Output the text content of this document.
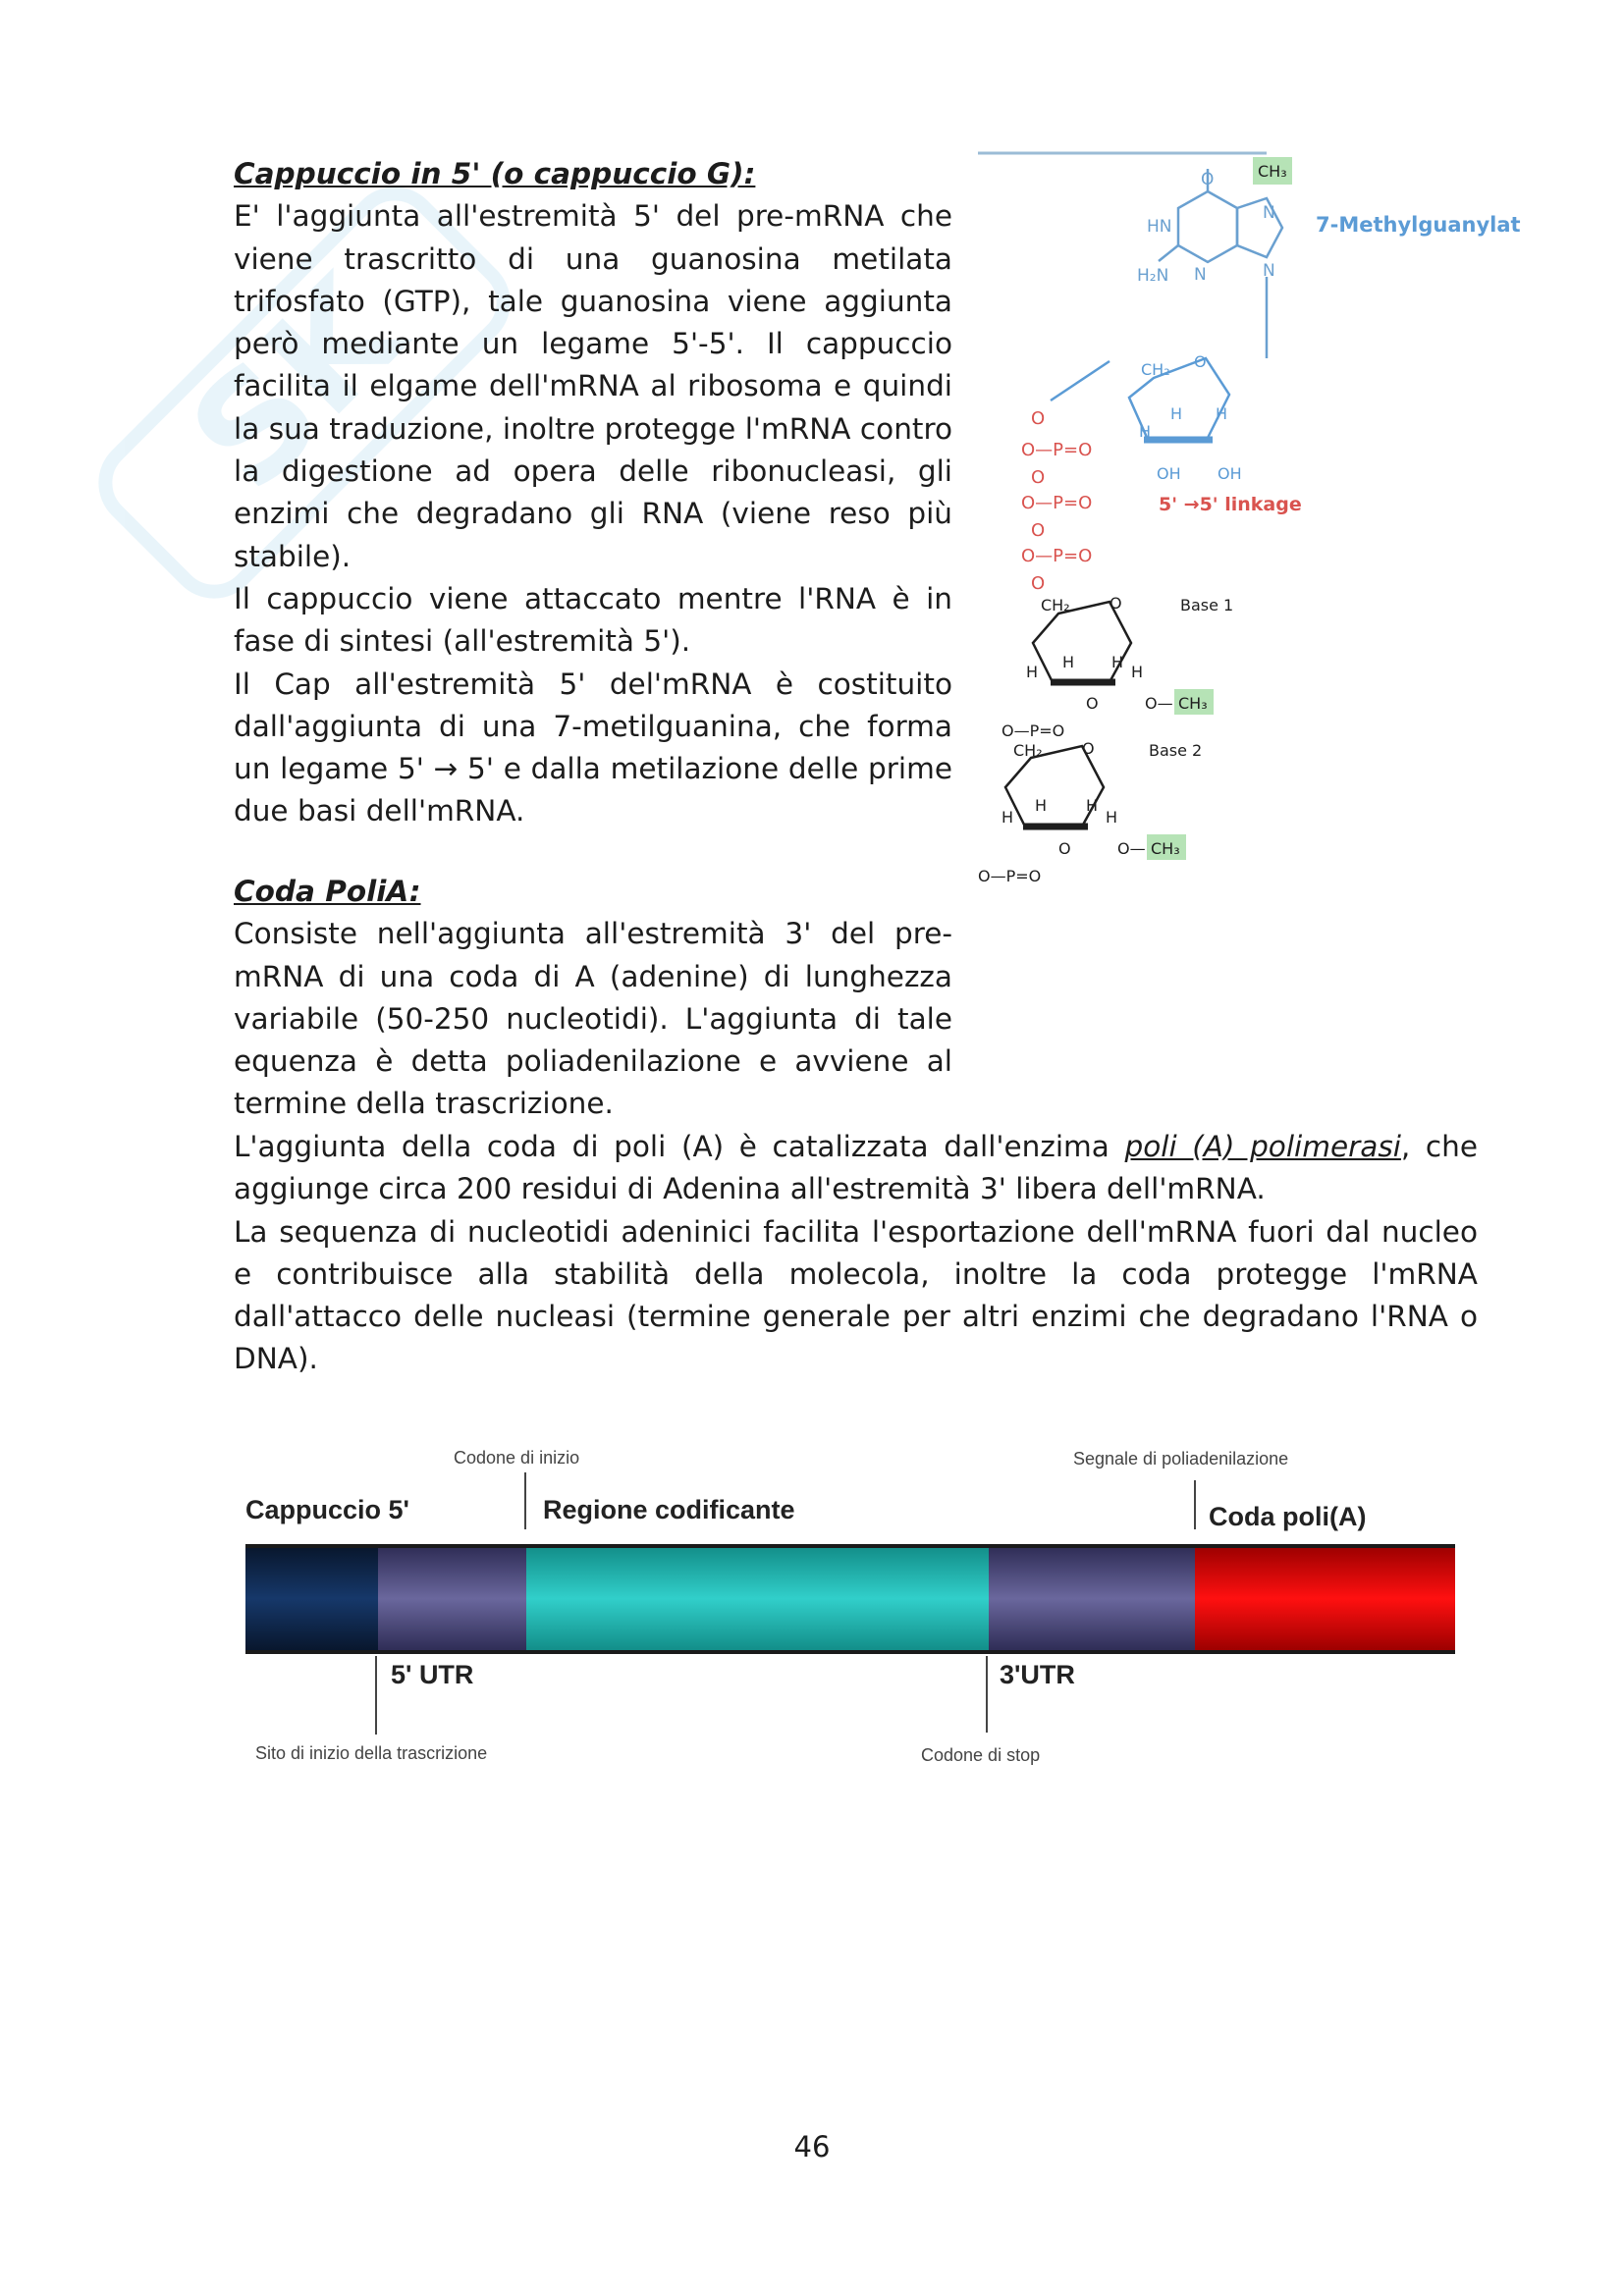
SK

Cappuccio in 5' (o cappuccio G):

E' l'aggiunta all'estremità 5' del pre-mRNA che viene trascritto di una guanosina metilata trifosfato (GTP), tale guanosina viene aggiunta però mediante un legame 5'-5'. Il cappuccio facilita il elgame dell'mRNA al ribosoma e quindi la sua traduzione, inoltre protegge l'mRNA contro la digestione ad opera delle ribonucleasi, gli enzimi che degradano gli RNA (viene reso più stabile).

Il cappuccio viene attaccato mentre l'RNA è in fase di sintesi (all'estremità 5').

Il Cap all'estremità 5' del'mRNA è costituito dall'aggiunta di una 7-metilguanina, che forma un legame 5' → 5' e dalla metilazione delle prime due basi dell'mRNA.

Coda PoliA:

Consiste nell'aggiunta all'estremità 3' del pre-mRNA di una coda di A (adenine) di lunghezza variabile (50-250 nucleotidi). L'aggiunta di tale equenza è detta poliadenilazione e avviene al termine della trascrizione.

L'aggiunta della coda di poli (A) è catalizzata dall'enzima poli (A) polimerasi, che aggiunge circa 200 residui di Adenina all'estremità 3' libera dell'mRNA.

La sequenza di nucleotidi adeninici facilita l'esportazione dell'mRNA fuori dal nucleo e contribuisce alla stabilità della molecola, inoltre la coda protegge l'mRNA dall'attacco delle nucleasi (termine generale per altri enzimi che degradano l'RNA o DNA).

O
HN
H₂N N
N
N
CH₃
7-Methylguanylat
CH₂ O
H H
H
OH OH
O
O—P=O
O
O—P=O
O
O—P=O
O
5' →5' linkage
CH₂	O	Base 1
H H
H	H
O	O—
O—P=O
CH₃
CH₂	O	Base 2
H H
H	H
O	O—
O—P=O
CH₃
Codone di inizio	Segnale di poliadenilazione
Cappuccio 5'	Regione codificante	Coda poli(A)
5' UTR	3'UTR
Sito di inizio della trascrizione	Codone di stop
46
